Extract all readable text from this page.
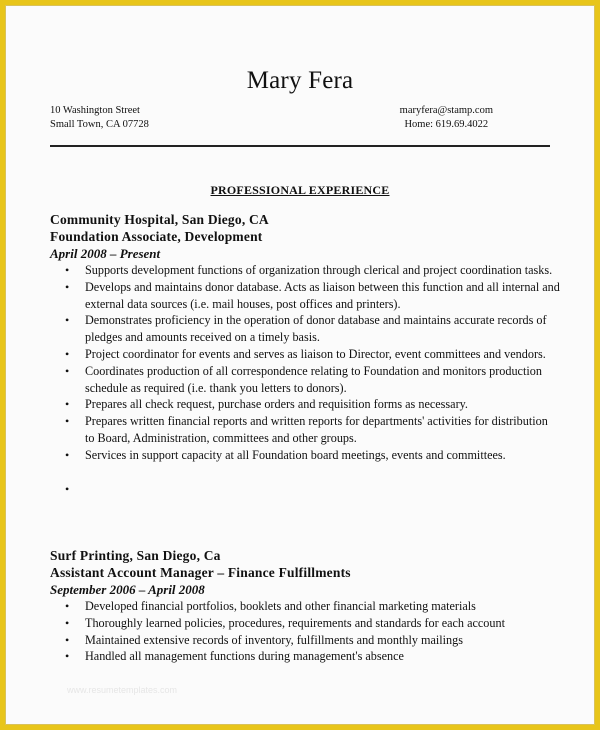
Mary Fera
10 Washington Street
Small Town, CA 07728
maryfera@stamp.com
Home: 619.69.4022
PROFESSIONAL EXPERIENCE
Community Hospital, San Diego, CA
Foundation Associate, Development
April 2008 – Present
• Supports development functions of organization through clerical and project coordination tasks.
• Develops and maintains donor database. Acts as liaison between this function and all internal and external data sources (i.e. mail houses, post offices and printers).
• Demonstrates proficiency in the operation of donor database and maintains accurate records of pledges and amounts received on a timely basis.
• Project coordinator for events and serves as liaison to Director, event committees and vendors.
• Coordinates production of all correspondence relating to Foundation and monitors production schedule as required (i.e. thank you letters to donors).
• Prepares all check request, purchase orders and requisition forms as necessary.
• Prepares written financial reports and written reports for departments' activities for distribution to Board, Administration, committees and other groups.
• Services in support capacity at all Foundation board meetings, events and committees.
•

Surf Printing, San Diego, Ca
Assistant Account Manager – Finance Fulfillments
September 2006 – April 2008
• Developed financial portfolios, booklets and other financial marketing materials
• Thoroughly learned policies, procedures, requirements and standards for each account
• Maintained extensive records of inventory, fulfillments and monthly mailings
• Handled all management functions during management's absence
www.resumetemplates.com
